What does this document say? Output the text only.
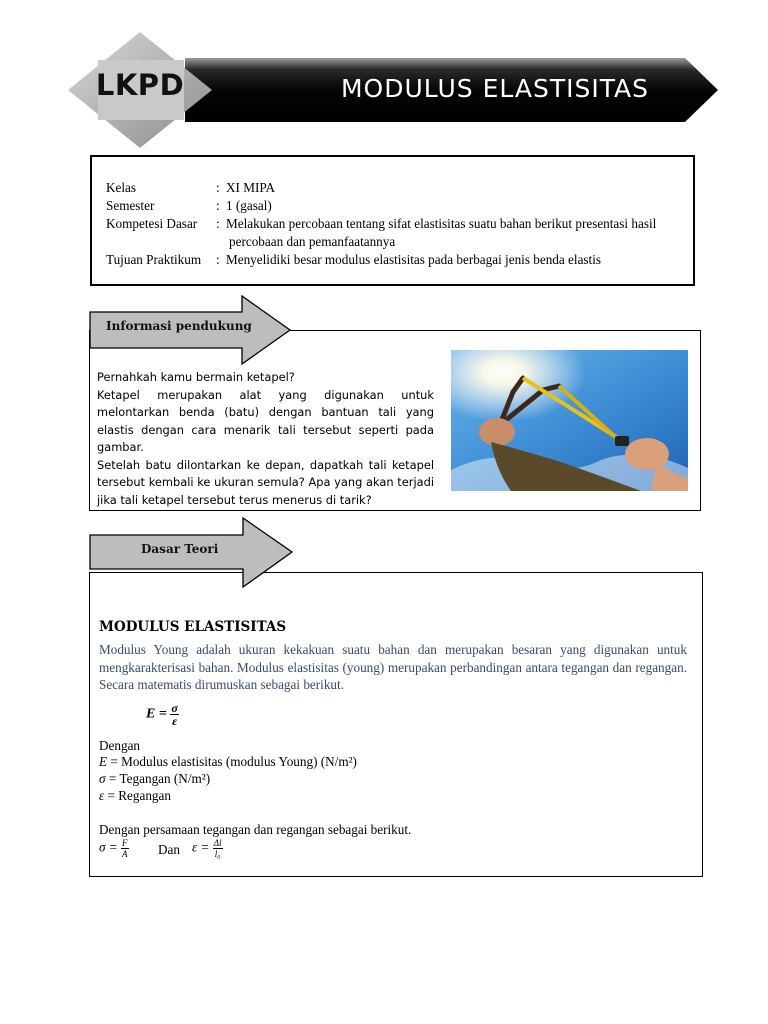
LKPD	MODULUS ELASTISITAS
Kelas	: XI MIPA
Semester	: 1 (gasal)
Kompetesi Dasar	: Melakukan percobaan tentang sifat elastisitas suatu bahan berikut presentasi hasil
percobaan dan pemanfaatannya
Tujuan Praktikum	: Menyelidiki besar modulus elastisitas pada berbagai jenis benda elastis
Informasi pendukung

Pernahkah kamu bermain ketapel?

Ketapel merupakan alat yang digunakan untuk melontarkan benda (batu) dengan bantuan tali yang elastis dengan cara menarik tali tersebut seperti pada gambar.

Setelah batu dilontarkan ke depan, dapatkah tali ketapel tersebut kembali ke ukuran semula? Apa yang akan terjadi jika tali ketapel tersebut terus menerus di tarik?

Dasar Teori
MODULUS ELASTISITAS
Modulus Young adalah ukuran kekakuan suatu bahan dan merupakan besaran yang digunakan untuk mengkarakterisasi bahan. Modulus elastisitas (young) merupakan perbandingan antara tegangan dan regangan. Secara matematis dirumuskan sebagai berikut.
$E = \frac{\sigma}{\varepsilon}$
Dengan
E = Modulus elastisitas (modulus Young) (N/m²)
σ = Tegangan (N/m²)
ε = Regangan
Dengan persamaan tegangan dan regangan sebagai berikut.
$\sigma = \frac{F}{A}$ Dan $\varepsilon = \frac{\Delta l}{\text{l₀}}$
